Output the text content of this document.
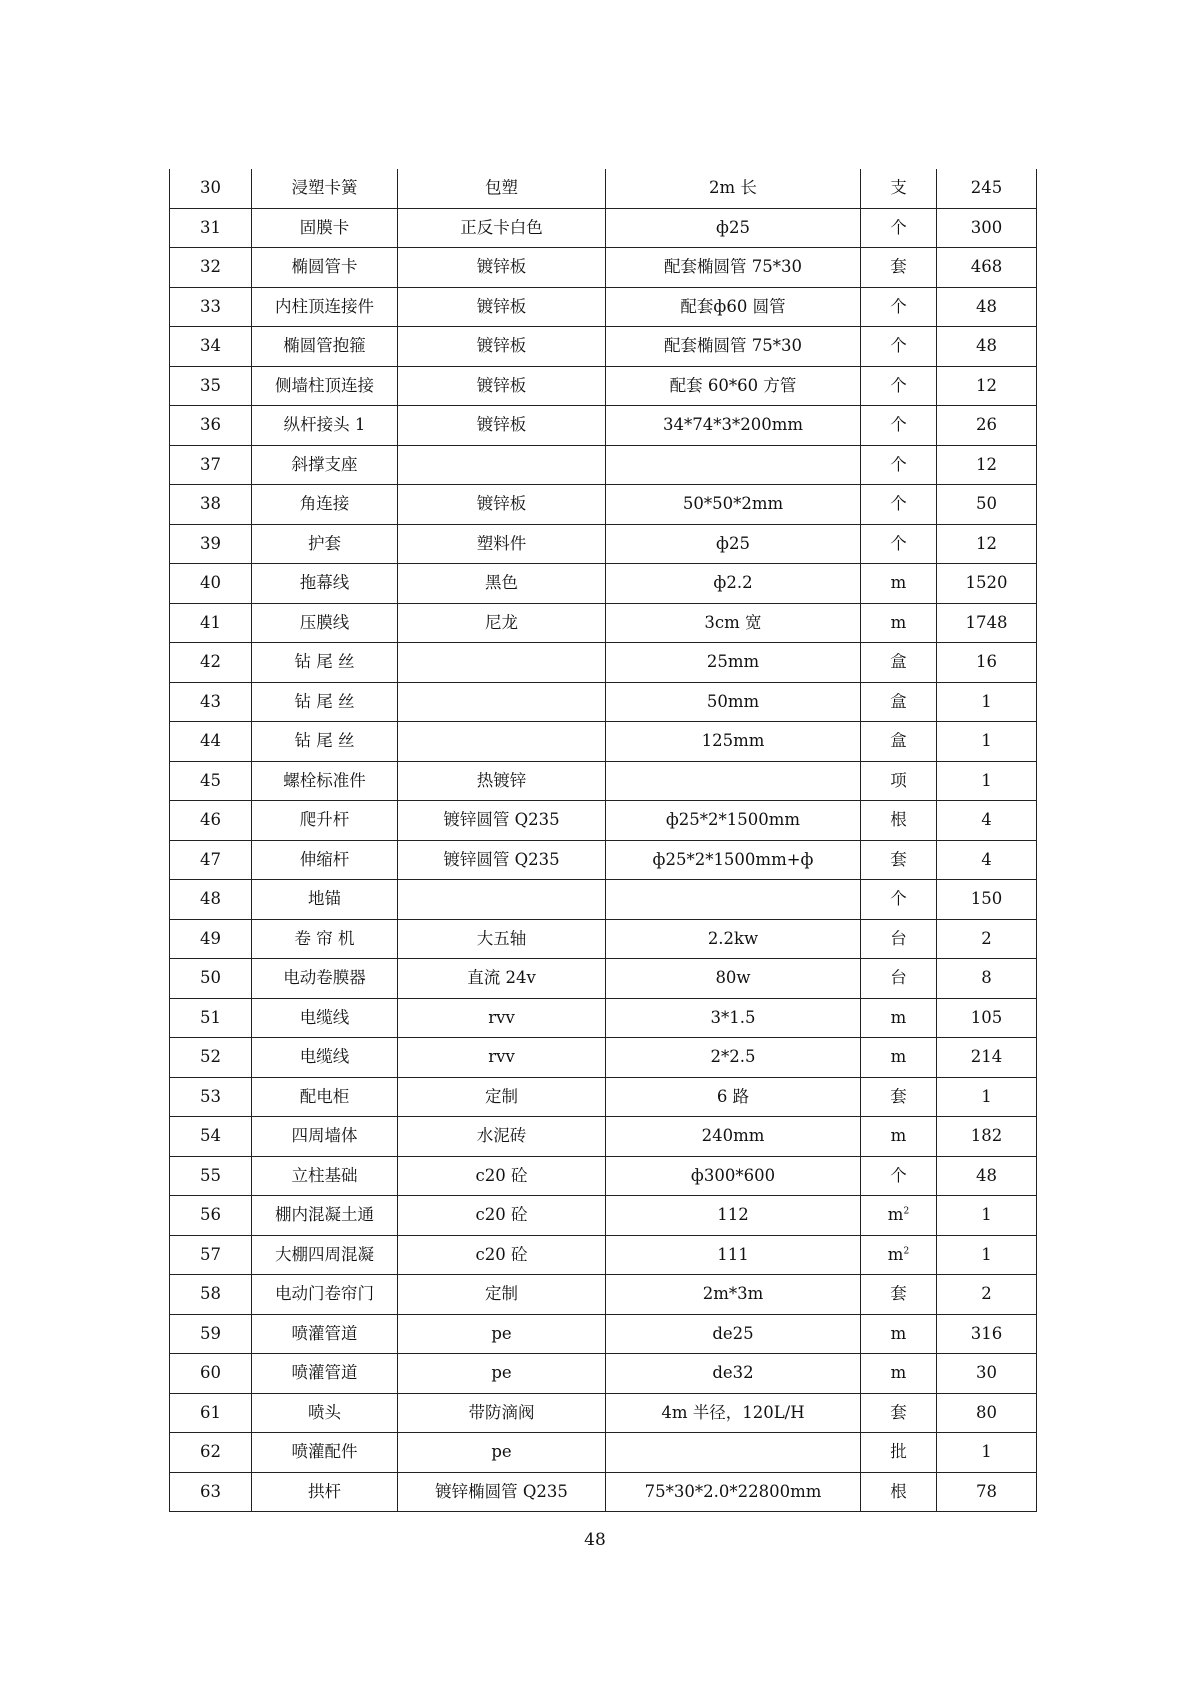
30	浸塑卡簧	包塑	2m 长	支	245
31	固膜卡	正反卡白色	ф25	个	300
32	椭圆管卡	镀锌板	配套椭圆管 75*30	套	468
33	内柱顶连接件	镀锌板	配套ф60 圆管	个	48
34	椭圆管抱箍	镀锌板	配套椭圆管 75*30	个	48
35	侧墙柱顶连接	镀锌板	配套 60*60 方管	个	12
36	纵杆接头 1	镀锌板	34*74*3*200mm	个	26
37	斜撑支座			个	12
38	角连接	镀锌板	50*50*2mm	个	50
39	护套	塑料件	ф25	个	12
40	拖幕线	黑色	ф2.2	m	1520
41	压膜线	尼龙	3cm 宽	m	1748
42	钻 尾 丝		25mm	盒	16
43	钻 尾 丝		50mm	盒	1
44	钻 尾 丝		125mm	盒	1
45	螺栓标准件	热镀锌		项	1
46	爬升杆	镀锌圆管 Q235	ф25*2*1500mm	根	4
47	伸缩杆	镀锌圆管 Q235	ф25*2*1500mm+ф	套	4
48	地锚			个	150
49	卷 帘 机	大五轴	2.2kw	台	2
50	电动卷膜器	直流 24v	80w	台	8
51	电缆线	rvv	3*1.5	m	105
52	电缆线	rvv	2*2.5	m	214
53	配电柜	定制	6 路	套	1
54	四周墙体	水泥砖	240mm	m	182
55	立柱基础	c20 砼	ф300*600	个	48
56	棚内混凝土通	c20 砼	112	$m^2$	1
57	大棚四周混凝	c20 砼	111	$m^2$	1
58	电动门卷帘门	定制	2m*3m	套	2
59	喷灌管道	pe	de25	m	316
60	喷灌管道	pe	de32	m	30
61	喷头	带防滴阀	4m 半径，120L/H	套	80
62	喷灌配件	pe		批	1
63	拱杆	镀锌椭圆管 Q235	75*30*2.0*22800mm	根	78
48
